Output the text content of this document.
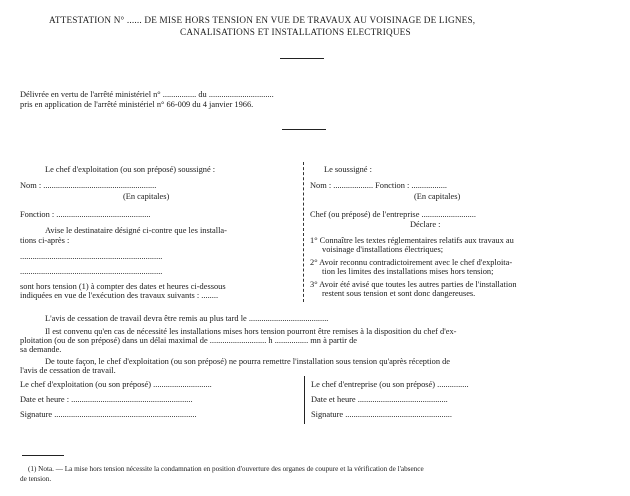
ATTESTATION N° ...... DE MISE HORS TENSION EN VUE DE TRAVAUX AU VOISINAGE DE LIGNES,
CANALISATIONS ET INSTALLATIONS ELECTRIQUES
Délivrée en vertu de l'arrêté ministériel n° ................ du ...............................
pris en application de l'arrêté ministériel n° 66-009 du 4 janvier 1966.
Le chef d'exploitation (ou son préposé) soussigné :
Nom : ......................................................
(En capitales)
Fonction : .............................................
Avise le destinataire désigné ci-contre que les installa-
tions ci-après :
....................................................................
....................................................................
sont hors tension (1) à compter des dates et heures ci-dessous
indiquées en vue de l'exécution des travaux suivants : ........
Le soussigné :
Nom : ................... Fonction : .................
(En capitales)
Chef (ou préposé) de l'entreprise ..........................
Déclare :
1° Connaître les textes réglementaires relatifs aux travaux au
voisinage d'installations électriques;
2° Avoir reconnu contradictoirement avec le chef d'exploita-
tion les limites des installations mises hors tension;
3° Avoir été avisé que toutes les autres parties de l'installation
restent sous tension et sont donc dangereuses.
L'avis de cessation de travail devra être remis au plus tard le ......................................
Il est convenu qu'en cas de nécessité les installations mises hors tension pourront être remises à la disposition du chef d'ex-
ploitation (ou de son préposé) dans un délai maximal de ........................... h ................ mn à partir de
sa demande.
De toute façon, le chef d'exploitation (ou son préposé) ne pourra remettre l'installation sous tension qu'après réception de
l'avis de cessation de travail.
Le chef d'exploitation (ou son préposé) ............................
Date et heure : ..........................................................
Signature ....................................................................
Le chef d'entreprise (ou son préposé) ...............
Date et heure ...........................................
Signature ...................................................
(1) Nota. — La mise hors tension nécessite la condamnation en position d'ouverture des organes de coupure et la vérification de l'absence
de tension.
